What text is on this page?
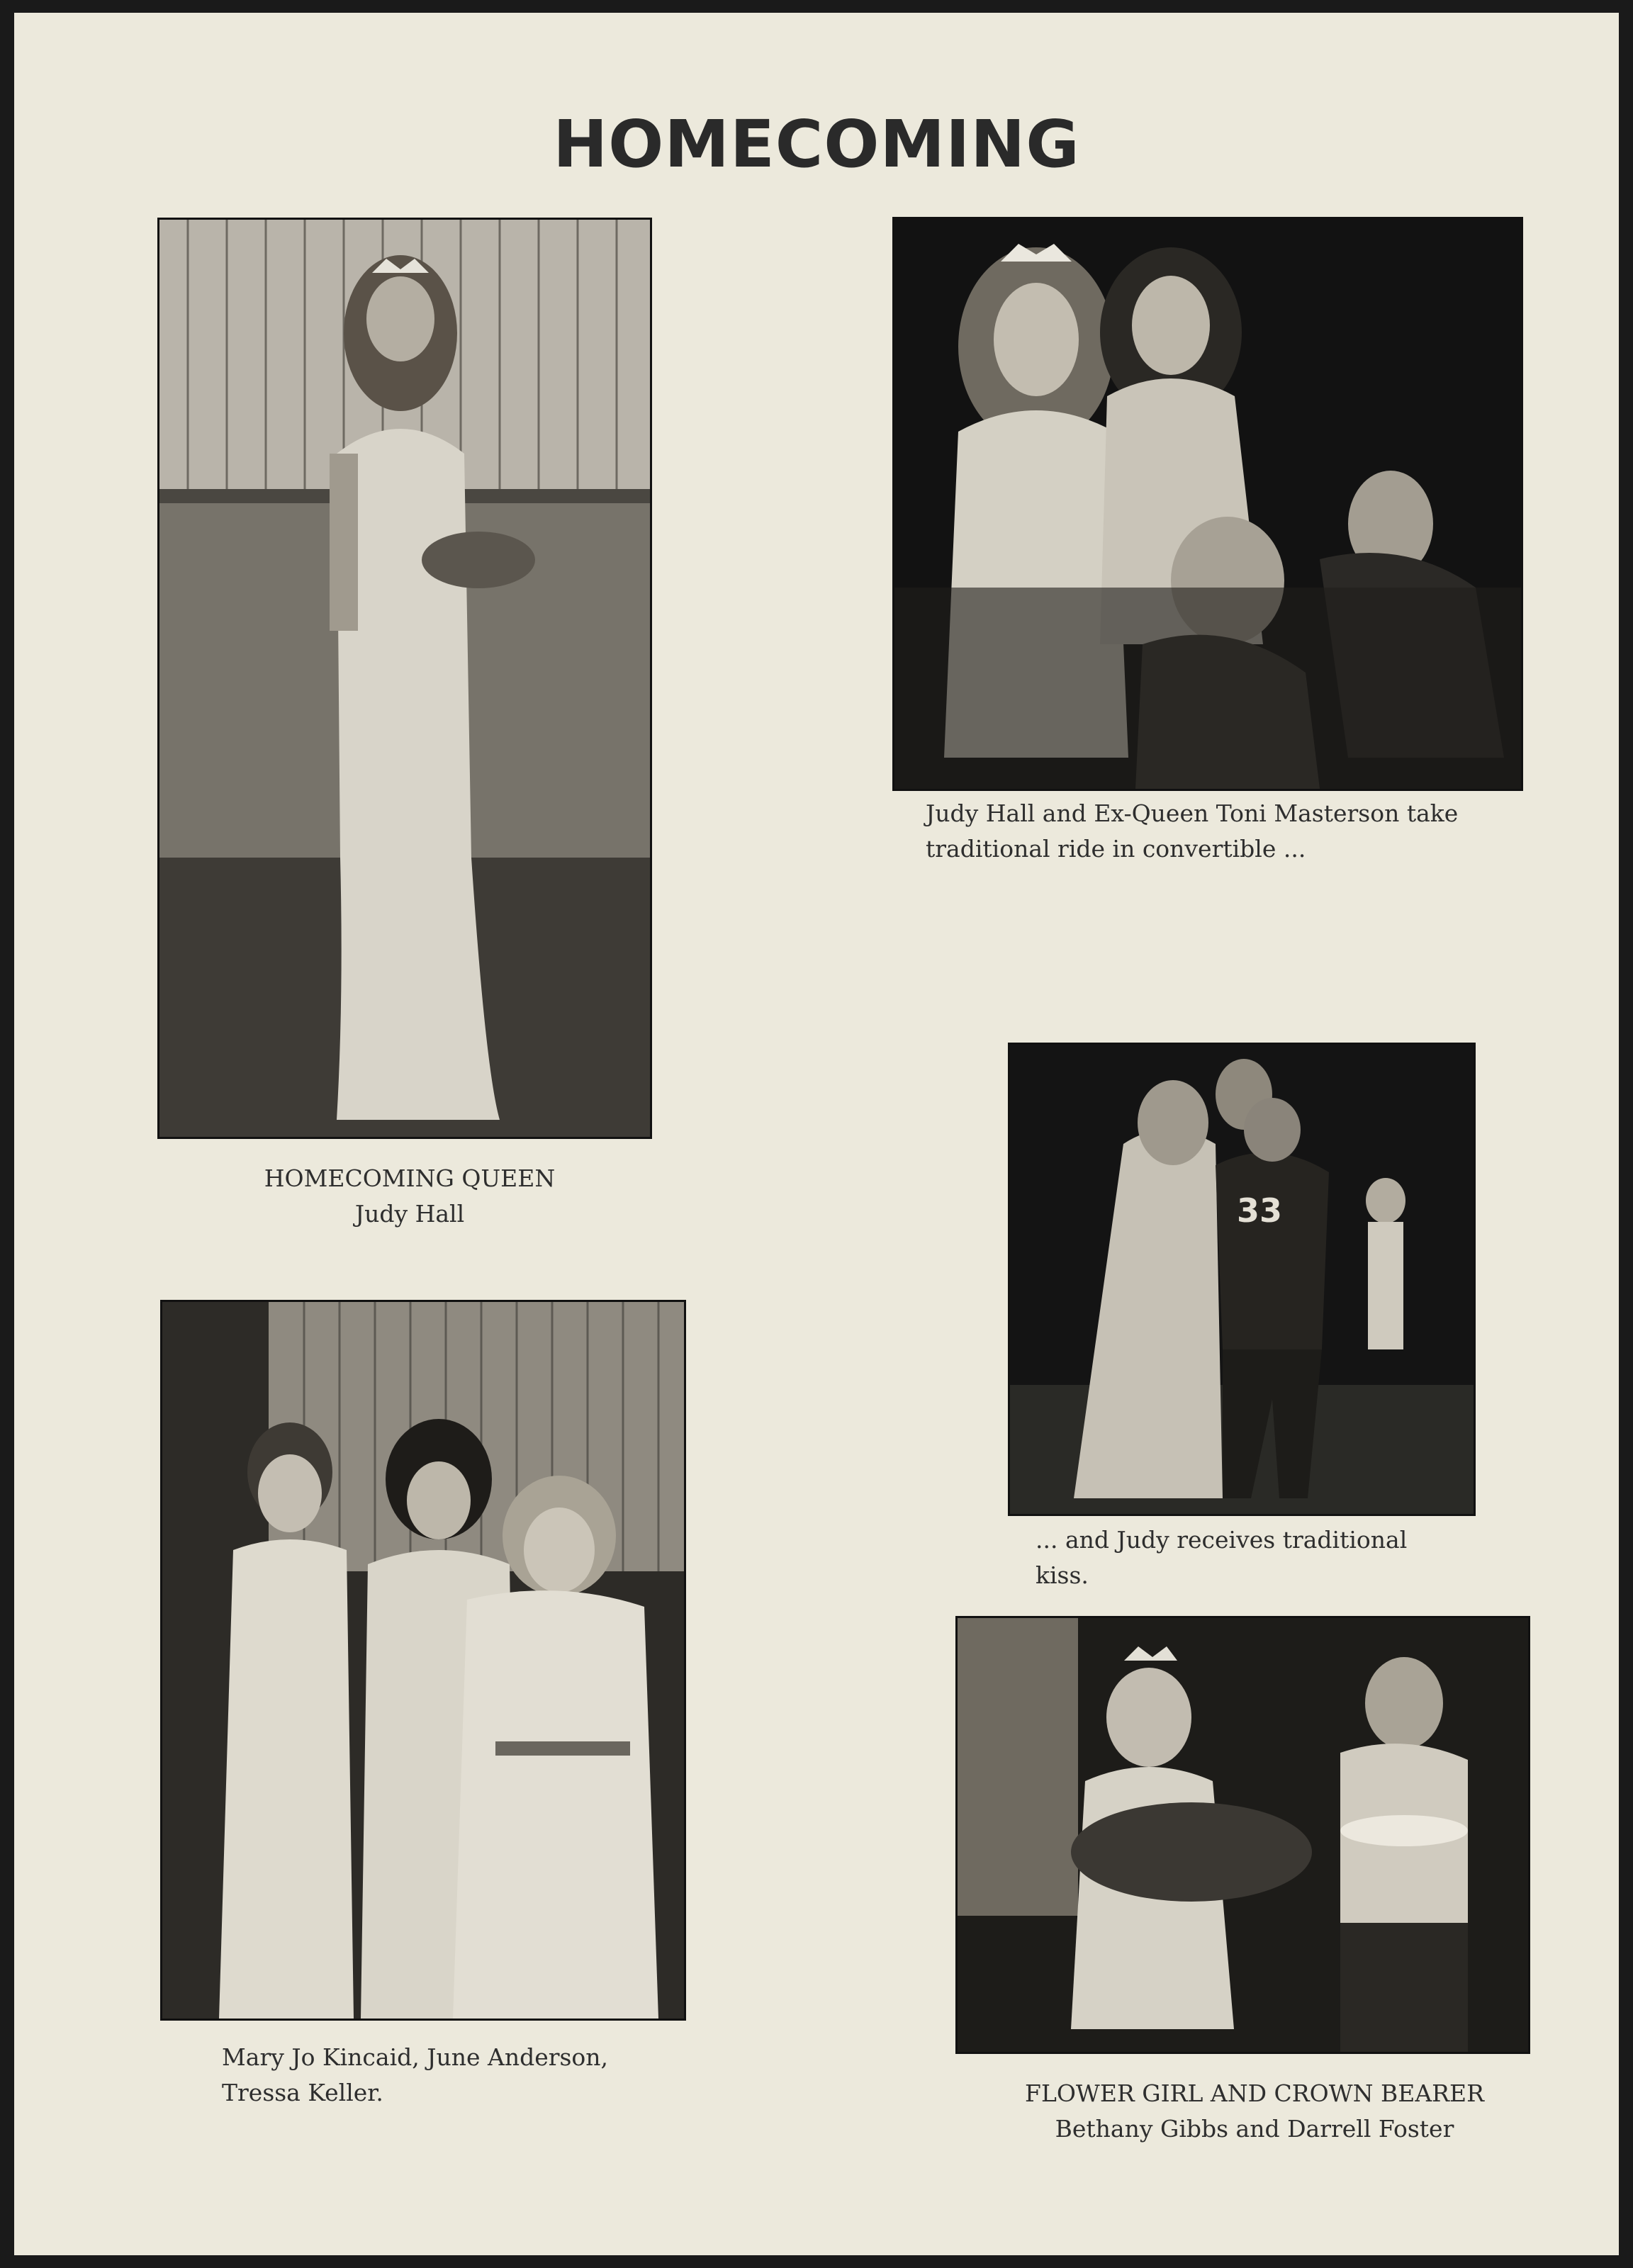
HOMECOMING
HOMECOMING QUEEN
Judy Hall
Judy Hall and Ex-Queen Toni Masterson take
traditional ride in convertible ...
33
... and Judy receives traditional
kiss.
Mary Jo Kincaid, June Anderson,
Tressa Keller.	FLOWER GIRL AND CROWN BEARER
Bethany Gibbs and Darrell Foster
